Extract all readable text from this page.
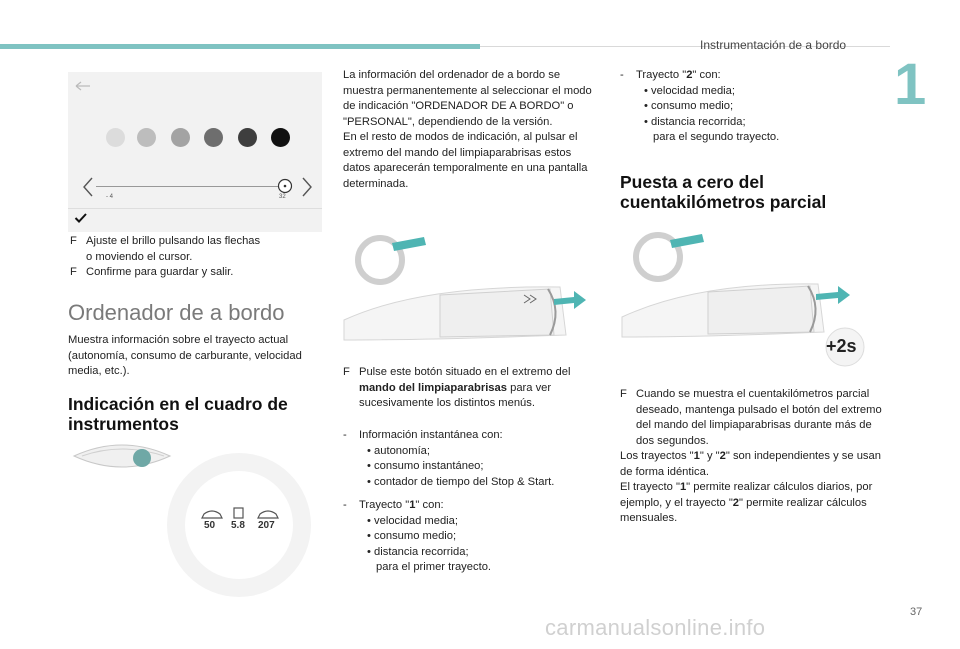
Instrumentación de a bordo
1
- 4	32
F Ajuste el brillo pulsando las flechas
o moviendo el cursor.
F Confirme para guardar y salir.
Ordenador de a bordo

Muestra información sobre el trayecto actual (autonomía, consumo de carburante, velocidad media, etc.).

Indicación en el cuadro de
instrumentos
50 5.8 207

La información del ordenador de a bordo se muestra permanentemente al seleccionar el modo de indicación "ORDENADOR DE A BORDO" o "PERSONAL", dependiendo de la versión.

En el resto de modos de indicación, al pulsar el extremo del mando del limpiaparabrisas estos datos aparecerán temporalmente en una pantalla determinada.

F Pulse este botón situado en el extremo del mando del limpiaparabrisas para ver sucesivamente los distintos menús.
-	Información instantánea con:
• autonomía;
• consumo instantáneo;
• contador de tiempo del Stop & Start.
-	Trayecto "1" con:
• velocidad media;
• consumo medio;
• distancia recorrida;
para el primer trayecto.
-	Trayecto "2" con:
• velocidad media;
• consumo medio;
• distancia recorrida;
para el segundo trayecto.
Puesta a cero del
cuentakilómetros parcial
+2s
F Cuando se muestra el cuentakilómetros parcial deseado, mantenga pulsado el botón del extremo del mando del limpiaparabrisas durante más de dos segundos.

Los trayectos "1" y "2" son independientes y se usan de forma idéntica.

El trayecto "1" permite realizar cálculos diarios, por ejemplo, y el trayecto "2" permite realizar cálculos mensuales.

37
carmanualsonline.info
